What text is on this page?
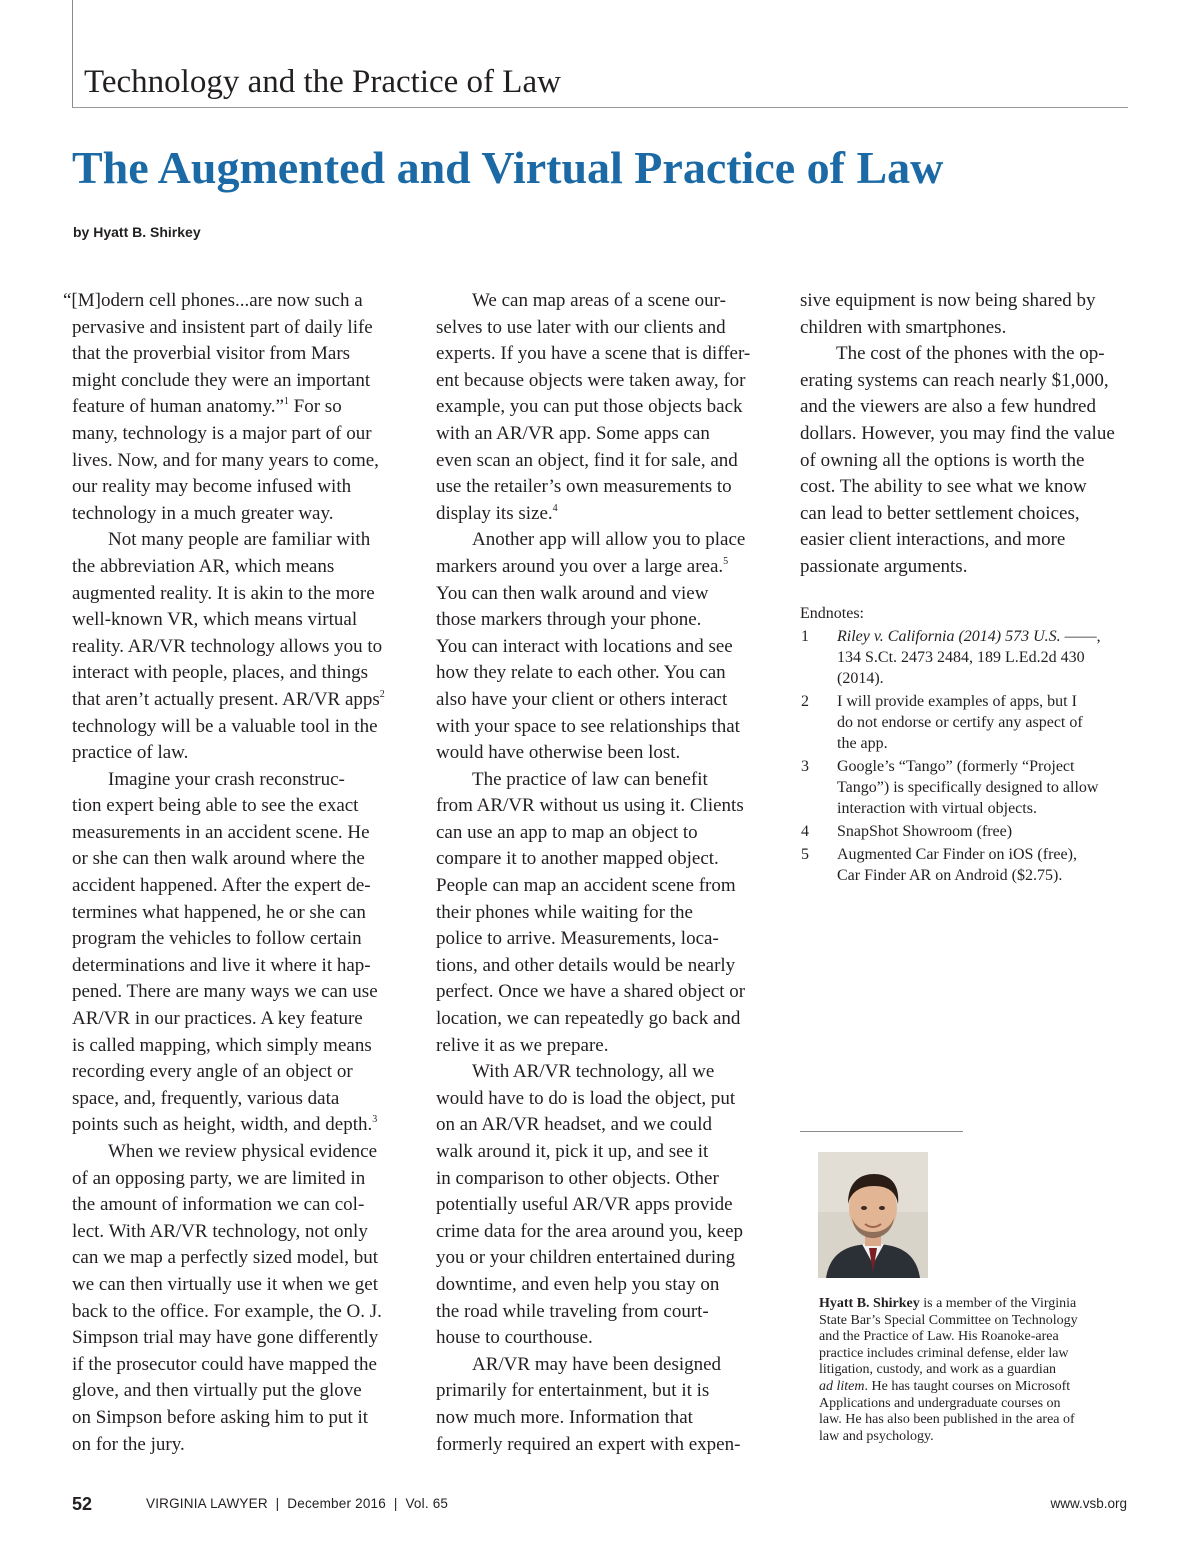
Technology and the Practice of Law
The Augmented and Virtual Practice of Law
by Hyatt B. Shirkey

“[M]odern cell phones...are now such a
pervasive and insistent part of daily life
that the proverbial visitor from Mars
might conclude they were an important
feature of human anatomy.”$^1$ For so
many, technology is a major part of our
lives. Now, and for many years to come,
our reality may become infused with
technology in a much greater way.

Not many people are familiar with
the abbreviation AR, which means
augmented reality. It is akin to the more
well-known VR, which means virtual
reality. AR/VR technology allows you to
interact with people, places, and things
that aren’t actually present. AR/VR apps$^2$
technology will be a valuable tool in the
practice of law.

Imagine your crash reconstruc-
tion expert being able to see the exact
measurements in an accident scene. He
or she can then walk around where the
accident happened. After the expert de-
termines what happened, he or she can
program the vehicles to follow certain
determinations and live it where it hap-
pened. There are many ways we can use
AR/VR in our practices. A key feature
is called mapping, which simply means
recording every angle of an object or
space, and, frequently, various data
points such as height, width, and depth.$^3$

When we review physical evidence
of an opposing party, we are limited in
the amount of information we can col-
lect. With AR/VR technology, not only
can we map a perfectly sized model, but
we can then virtually use it when we get
back to the office. For example, the O. J.
Simpson trial may have gone differently
if the prosecutor could have mapped the
glove, and then virtually put the glove
on Simpson before asking him to put it
on for the jury.

We can map areas of a scene our-
selves to use later with our clients and
experts. If you have a scene that is differ-
ent because objects were taken away, for
example, you can put those objects back
with an AR/VR app. Some apps can
even scan an object, find it for sale, and
use the retailer’s own measurements to
display its size.$^4$

Another app will allow you to place
markers around you over a large area.$^5$
You can then walk around and view
those markers through your phone.
You can interact with locations and see
how they relate to each other. You can
also have your client or others interact
with your space to see relationships that
would have otherwise been lost.

The practice of law can benefit
from AR/VR without us using it. Clients
can use an app to map an object to
compare it to another mapped object.
People can map an accident scene from
their phones while waiting for the
police to arrive. Measurements, loca-
tions, and other details would be nearly
perfect. Once we have a shared object or
location, we can repeatedly go back and
relive it as we prepare.

With AR/VR technology, all we
would have to do is load the object, put
on an AR/VR headset, and we could
walk around it, pick it up, and see it
in comparison to other objects. Other
potentially useful AR/VR apps provide
crime data for the area around you, keep
you or your children entertained during
downtime, and even help you stay on
the road while traveling from court-
house to courthouse.

AR/VR may have been designed
primarily for entertainment, but it is
now much more. Information that
formerly required an expert with expen-

sive equipment is now being shared by
children with smartphones.

The cost of the phones with the op-
erating systems can reach nearly $1,000,
and the viewers are also a few hundred
dollars. However, you may find the value
of owning all the options is worth the
cost. The ability to see what we know
can lead to better settlement choices,
easier client interactions, and more
passionate arguments.

Endnotes:
1 Riley v. California (2014) 573 U.S. ——,
134 S.Ct. 2473 2484, 189 L.Ed.2d 430
(2014).
2 I will provide examples of apps, but I
do not endorse or certify any aspect of
the app.
3 Google’s “Tango” (formerly “Project
Tango”) is specifically designed to allow
interaction with virtual objects.
4 SnapShot Showroom (free)
5 Augmented Car Finder on iOS (free),
Car Finder AR on Android ($2.75).
Hyatt B. Shirkey is a member of the Virginia
State Bar’s Special Committee on Technology
and the Practice of Law. His Roanoke-area
practice includes criminal defense, elder law
litigation, custody, and work as a guardian
ad litem. He has taught courses on Microsoft
Applications and undergraduate courses on
law. He has also been published in the area of
law and psychology.
52	VIRGINIA LAWYER  |  December 2016  |  Vol. 65	www.vsb.org
